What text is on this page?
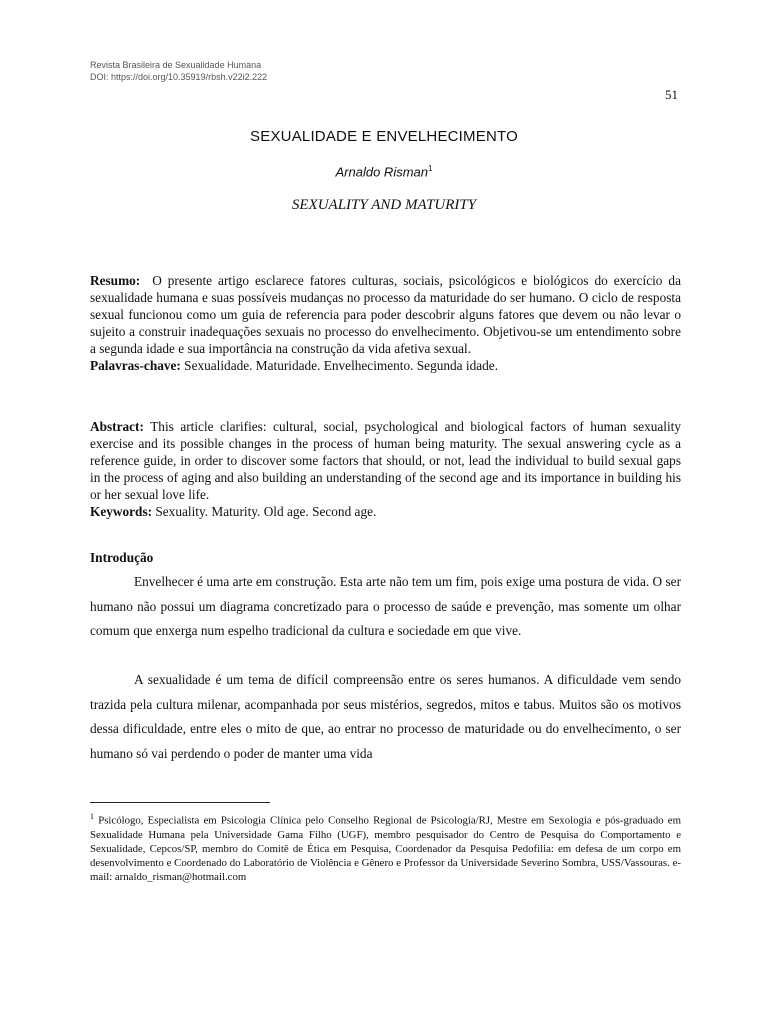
Revista Brasileira de Sexualidade Humana
DOI: https://doi.org/10.35919/rbsh.v22i2.222
51
SEXUALIDADE E ENVELHECIMENTO
Arnaldo Risman$^1$
SEXUALITY AND MATURITY

Resumo: O presente artigo esclarece fatores culturas, sociais, psicológicos e biológicos do exercício da sexualidade humana e suas possíveis mudanças no processo da maturidade do ser humano. O ciclo de resposta sexual funcionou como um guia de referencia para poder descobrir alguns fatores que devem ou não levar o sujeito a construir inadequações sexuais no processo do envelhecimento. Objetivou-se um entendimento sobre a segunda idade e sua importância na construção da vida afetiva sexual.

Palavras-chave: Sexualidade. Maturidade. Envelhecimento. Segunda idade.

Abstract: This article clarifies: cultural, social, psychological and biological factors of human sexuality exercise and its possible changes in the process of human being maturity. The sexual answering cycle as a reference guide, in order to discover some factors that should, or not, lead the individual to build sexual gaps in the process of aging and also building an understanding of the second age and its importance in building his or her sexual love life.

Keywords: Sexuality. Maturity. Old age. Second age.

Introdução

Envelhecer é uma arte em construção. Esta arte não tem um fim, pois exige uma postura de vida. O ser humano não possui um diagrama concretizado para o processo de saúde e prevenção, mas somente um olhar comum que enxerga num espelho tradicional da cultura e sociedade em que vive.

A sexualidade é um tema de difícil compreensão entre os seres humanos. A dificuldade vem sendo trazida pela cultura milenar, acompanhada por seus mistérios, segredos, mitos e tabus. Muitos são os motivos dessa dificuldade, entre eles o mito de que, ao entrar no processo de maturidade ou do envelhecimento, o ser humano só vai perdendo o poder de manter uma vida

$^1$ Psicólogo, Especialista em Psicologia Clínica pelo Conselho Regional de Psicologia/RJ, Mestre em Sexologia e pós-graduado em Sexualidade Humana pela Universidade Gama Filho (UGF), membro pesquisador do Centro de Pesquisa do Comportamento e Sexualidade, Cepcos/SP, membro do Comitê de Ética em Pesquisa, Coordenador da Pesquisa Pedofilia: em defesa de um corpo em desenvolvimento e Coordenado do Laboratório de Violência e Gênero e Professor da Universidade Severino Sombra, USS/Vassouras. e-mail: arnaldo_risman@hotmail.com
